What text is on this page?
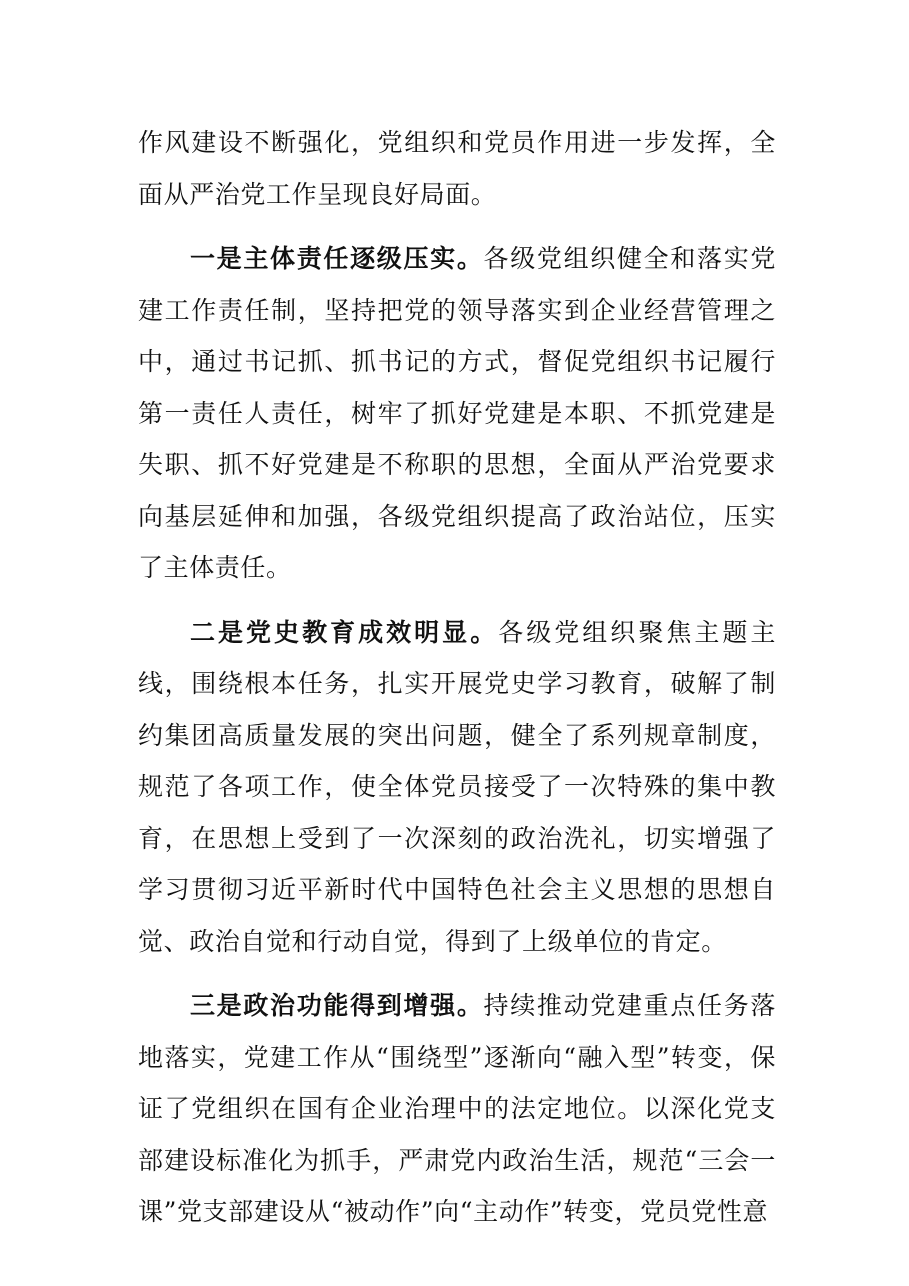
作风建设不断强化，党组织和党员作用进一步发挥，全面从严治党工作呈现良好局面。

一是主体责任逐级压实。各级党组织健全和落实党建工作责任制，坚持把党的领导落实到企业经营管理之中，通过书记抓、抓书记的方式，督促党组织书记履行第一责任人责任，树牢了抓好党建是本职、不抓党建是失职、抓不好党建是不称职的思想，全面从严治党要求向基层延伸和加强，各级党组织提高了政治站位，压实了主体责任。

二是党史教育成效明显。各级党组织聚焦主题主线，围绕根本任务，扎实开展党史学习教育，破解了制约集团高质量发展的突出问题，健全了系列规章制度，规范了各项工作，使全体党员接受了一次特殊的集中教育，在思想上受到了一次深刻的政治洗礼，切实增强了学习贯彻习近平新时代中国特色社会主义思想的思想自觉、政治自觉和行动自觉，得到了上级单位的肯定。

三是政治功能得到增强。持续推动党建重点任务落地落实，党建工作从“围绕型”逐渐向“融入型”转变，保证了党组织在国有企业治理中的法定地位。以深化党支部建设标准化为抓手，严肃党内政治生活，规范“三会一课”党支部建设从“被动作”向“主动作”转变，党员党性意
